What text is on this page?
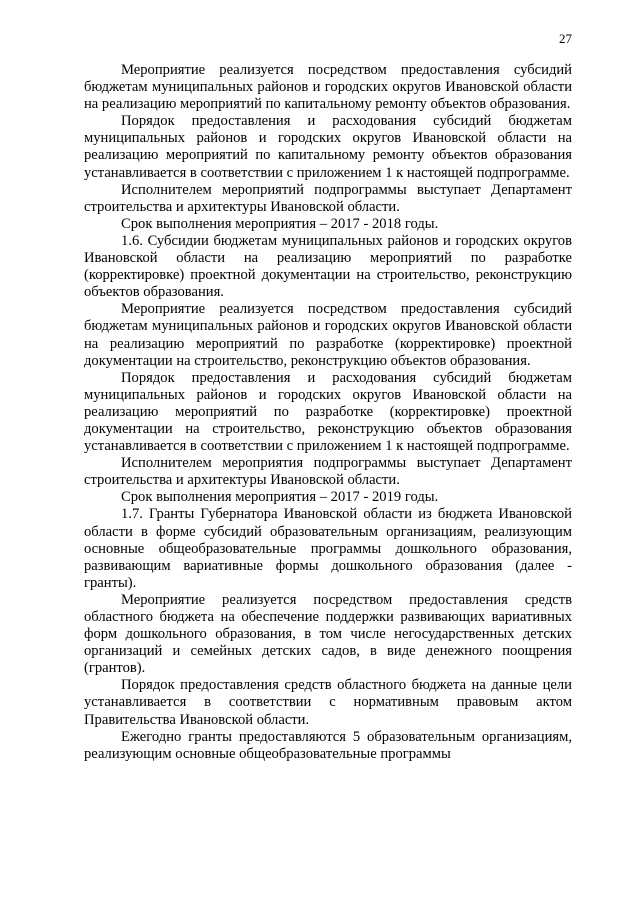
27

Мероприятие реализуется посредством предоставления субсидий бюджетам муниципальных районов и городских округов Ивановской области на реализацию мероприятий по капитальному ремонту объектов образования.

Порядок предоставления и расходования субсидий бюджетам муниципальных районов и городских округов Ивановской области на реализацию мероприятий по капитальному ремонту объектов образования устанавливается в соответствии с приложением 1 к настоящей подпрограмме.

Исполнителем мероприятий подпрограммы выступает Департамент строительства и архитектуры Ивановской области.

Срок выполнения мероприятия – 2017 - 2018 годы.

1.6. Субсидии бюджетам муниципальных районов и городских округов Ивановской области на реализацию мероприятий по разработке (корректировке) проектной документации на строительство, реконструкцию объектов образования.

Мероприятие реализуется посредством предоставления субсидий бюджетам муниципальных районов и городских округов Ивановской области на реализацию мероприятий по разработке (корректировке) проектной документации на строительство, реконструкцию объектов образования.

Порядок предоставления и расходования субсидий бюджетам муниципальных районов и городских округов Ивановской области на реализацию мероприятий по разработке (корректировке) проектной документации на строительство, реконструкцию объектов образования устанавливается в соответствии с приложением 1 к настоящей подпрограмме.

Исполнителем мероприятия подпрограммы выступает Департамент строительства и архитектуры Ивановской области.

Срок выполнения мероприятия – 2017 - 2019 годы.

1.7. Гранты Губернатора Ивановской области из бюджета Ивановской области в форме субсидий образовательным организациям, реализующим основные общеобразовательные программы дошкольного образования, развивающим вариативные формы дошкольного образования (далее - гранты).

Мероприятие реализуется посредством предоставления средств областного бюджета на обеспечение поддержки развивающих вариативных форм дошкольного образования, в том числе негосударственных детских организаций и семейных детских садов, в виде денежного поощрения (грантов).

Порядок предоставления средств областного бюджета на данные цели устанавливается в соответствии с нормативным правовым актом Правительства Ивановской области.

Ежегодно гранты предоставляются 5 образовательным организациям, реализующим основные общеобразовательные программы
